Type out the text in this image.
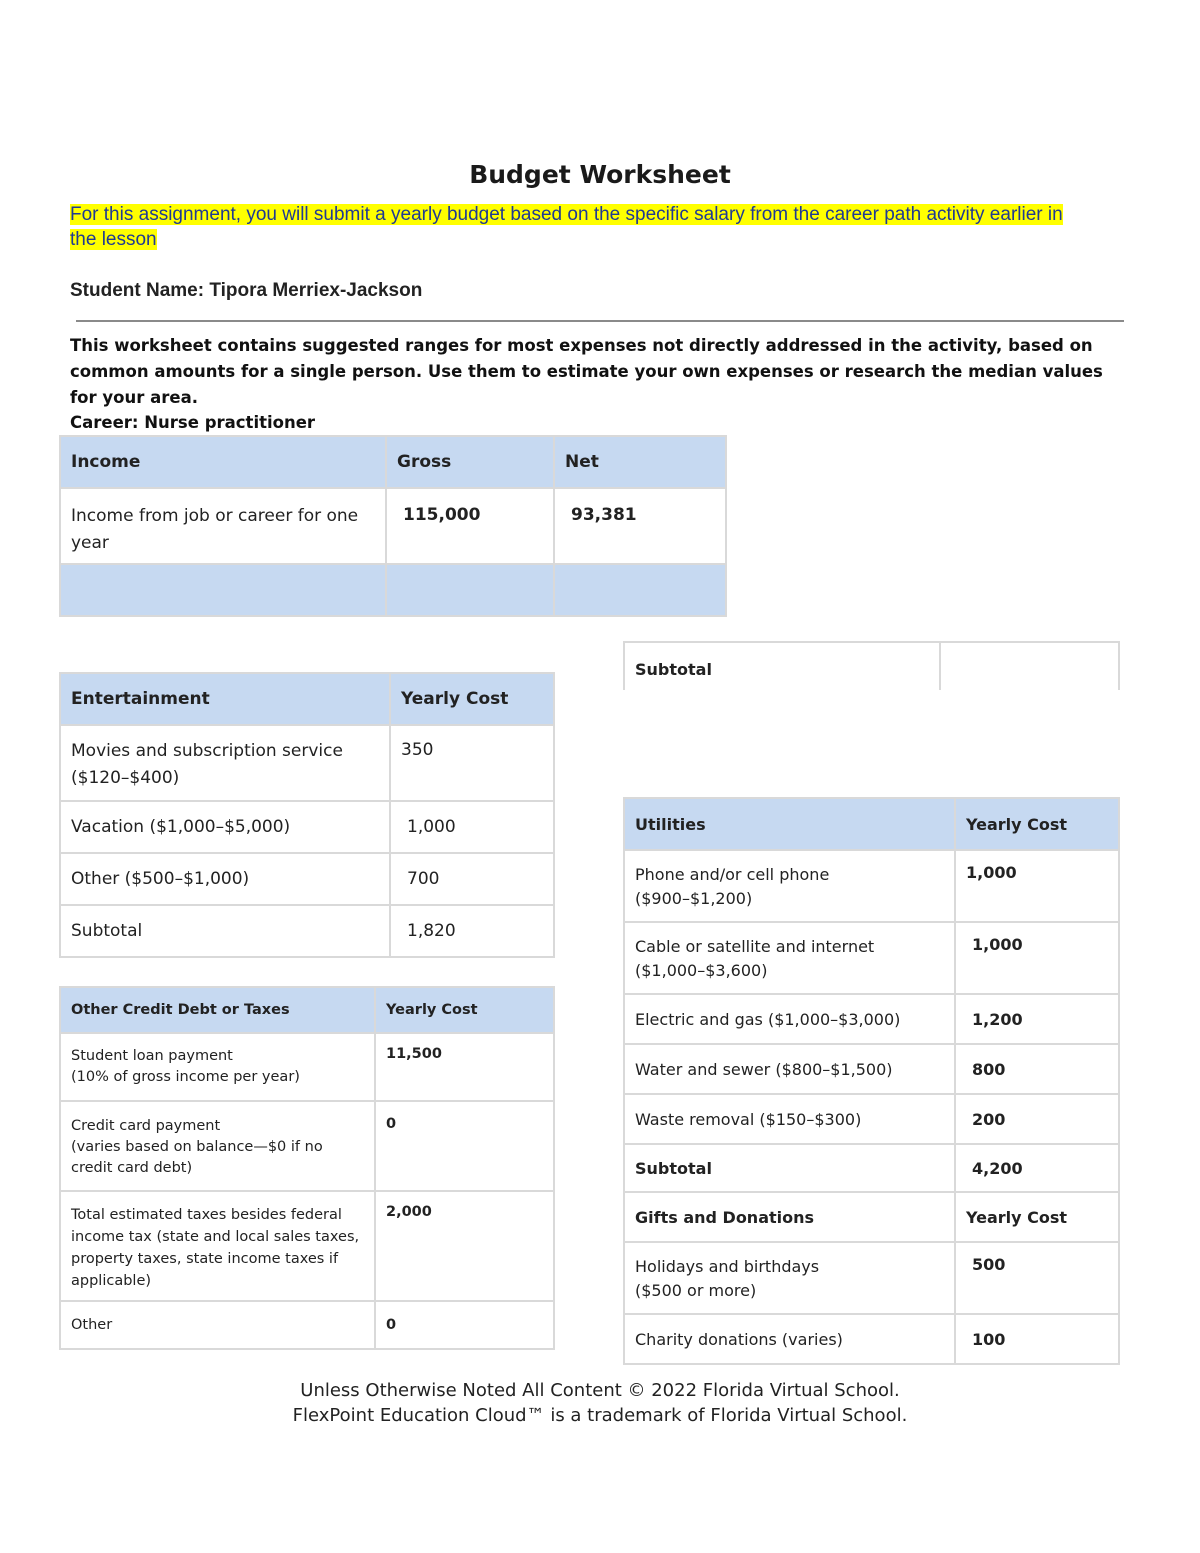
Budget Worksheet
For this assignment, you will submit a yearly budget based on the specific salary from the career path activity earlier in the lesson
Student Name: Tipora Merriex-Jackson
This worksheet contains suggested ranges for most expenses not directly addressed in the activity, based on common amounts for a single person. Use them to estimate your own expenses or research the median values for your area.
Career: Nurse practitioner
Income	Gross	Net
Income from job or career for one year	115,000	93,381

Subtotal	
Entertainment	Yearly Cost
Movies and subscription service ($120–$400)	350
Vacation ($1,000–$5,000)	1,000
Other ($500–$1,000)	700
Subtotal	1,820
Other Credit Debt or Taxes	Yearly Cost
Student loan payment
(10% of gross income per year)	11,500
Credit card payment
(varies based on balance—$0 if no credit card debt)	0
Total estimated taxes besides federal income tax (state and local sales taxes, property taxes, state income taxes if applicable)	2,000
Other	0
Utilities	Yearly Cost
Phone and/or cell phone
($900–$1,200)	1,000
Cable or satellite and internet
($1,000–$3,600)	1,000
Electric and gas ($1,000–$3,000)	1,200
Water and sewer ($800–$1,500)	800
Waste removal ($150–$300)	200
Subtotal	4,200
Gifts and Donations	Yearly Cost
Holidays and birthdays
($500 or more)	500
Charity donations (varies)	100
Unless Otherwise Noted All Content © 2022 Florida Virtual School.
FlexPoint Education Cloud™ is a trademark of Florida Virtual School.
